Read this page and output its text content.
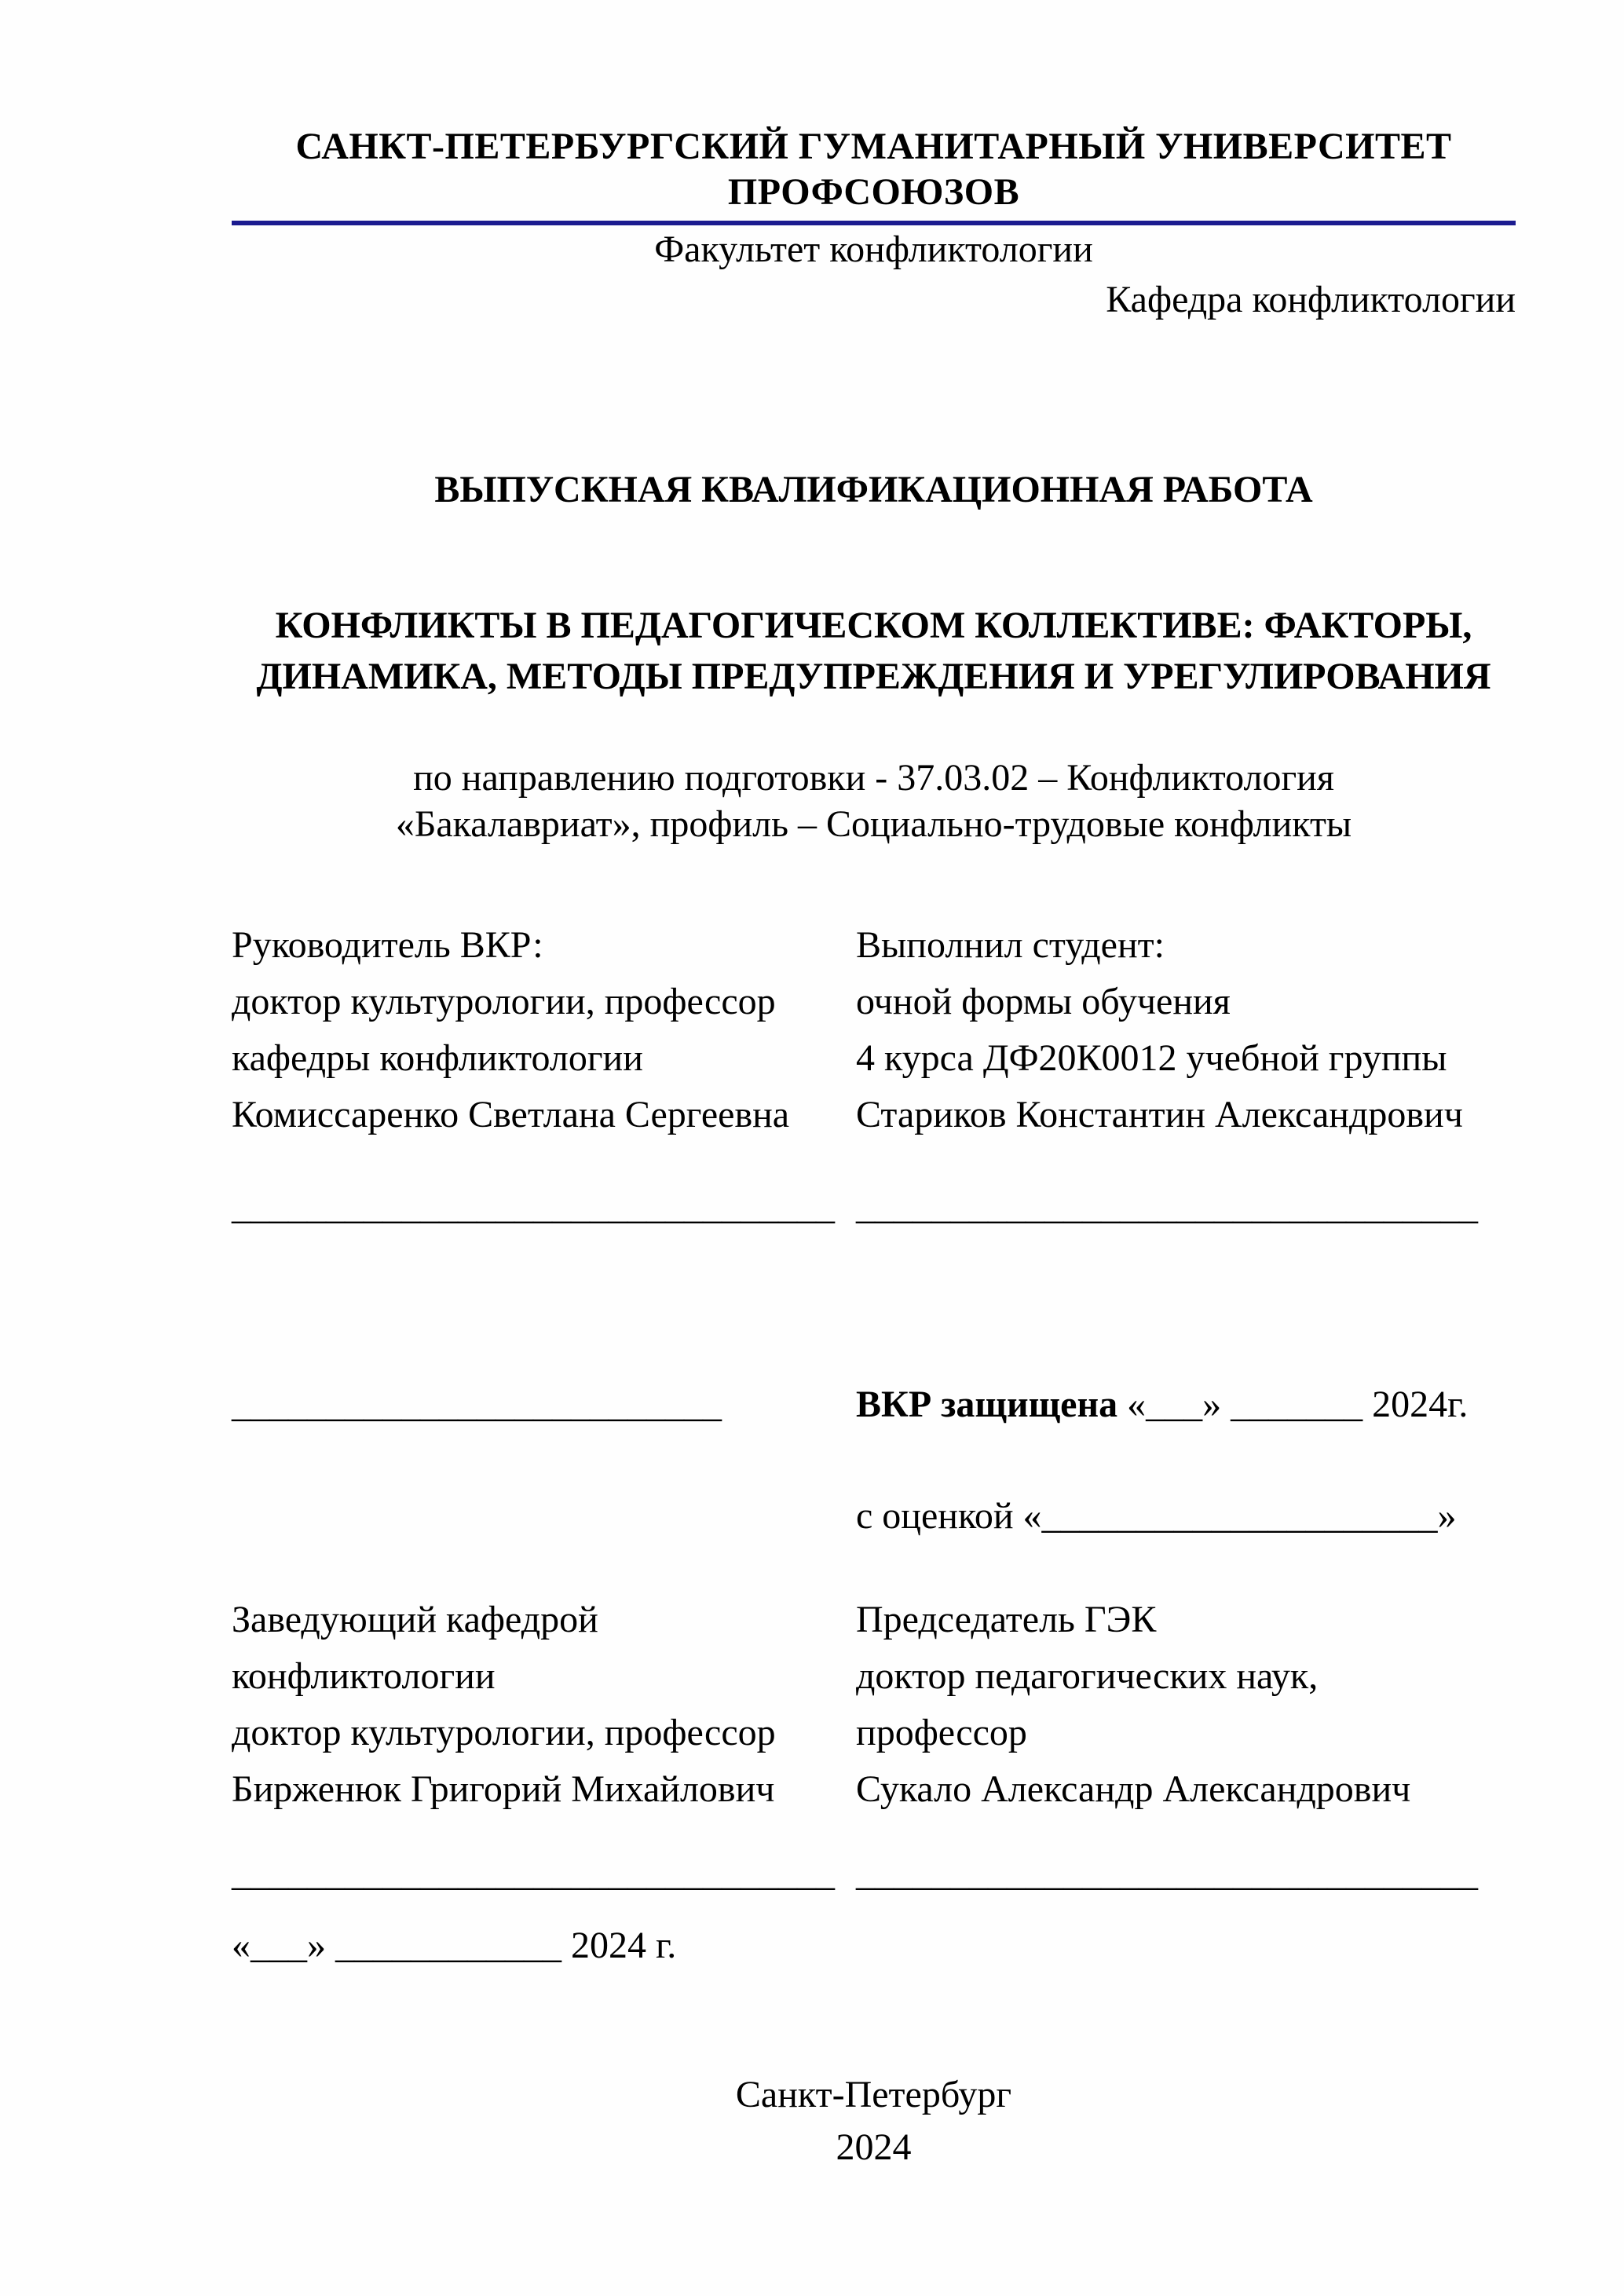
САНКТ-ПЕТЕРБУРГСКИЙ ГУМАНИТАРНЫЙ УНИВЕРСИТЕТ ПРОФСОЮЗОВ
Факультет конфликтологии
Кафедра конфликтологии
ВЫПУСКНАЯ КВАЛИФИКАЦИОННАЯ РАБОТА
КОНФЛИКТЫ В ПЕДАГОГИЧЕСКОМ КОЛЛЕКТИВЕ: ФАКТОРЫ,
ДИНАМИКА, МЕТОДЫ ПРЕДУПРЕЖДЕНИЯ И УРЕГУЛИРОВАНИЯ
по направлению подготовки - 37.03.02 – Конфликтология
«Бакалавриат», профиль – Социально-трудовые конфликты
Руководитель ВКР:
доктор культурологии, профессор
кафедры конфликтологии
Комиссаренко Светлана Сергеевна
Выполнил студент:
очной формы обучения
4 курса ДФ20К0012 учебной группы
Стариков Константин Александрович
________________________________ _________________________________
__________________________	ВКР защищена «___» _______ 2024г.
с оценкой «_____________________»
Заведующий кафедрой
конфликтологии
доктор культурологии, профессор
Бирженюк Григорий Михайлович
Председатель ГЭК
доктор педагогических наук,
профессор
Сукало Александр Александрович
________________________________ _________________________________
«___» ____________ 2024 г.
Санкт-Петербург
2024
